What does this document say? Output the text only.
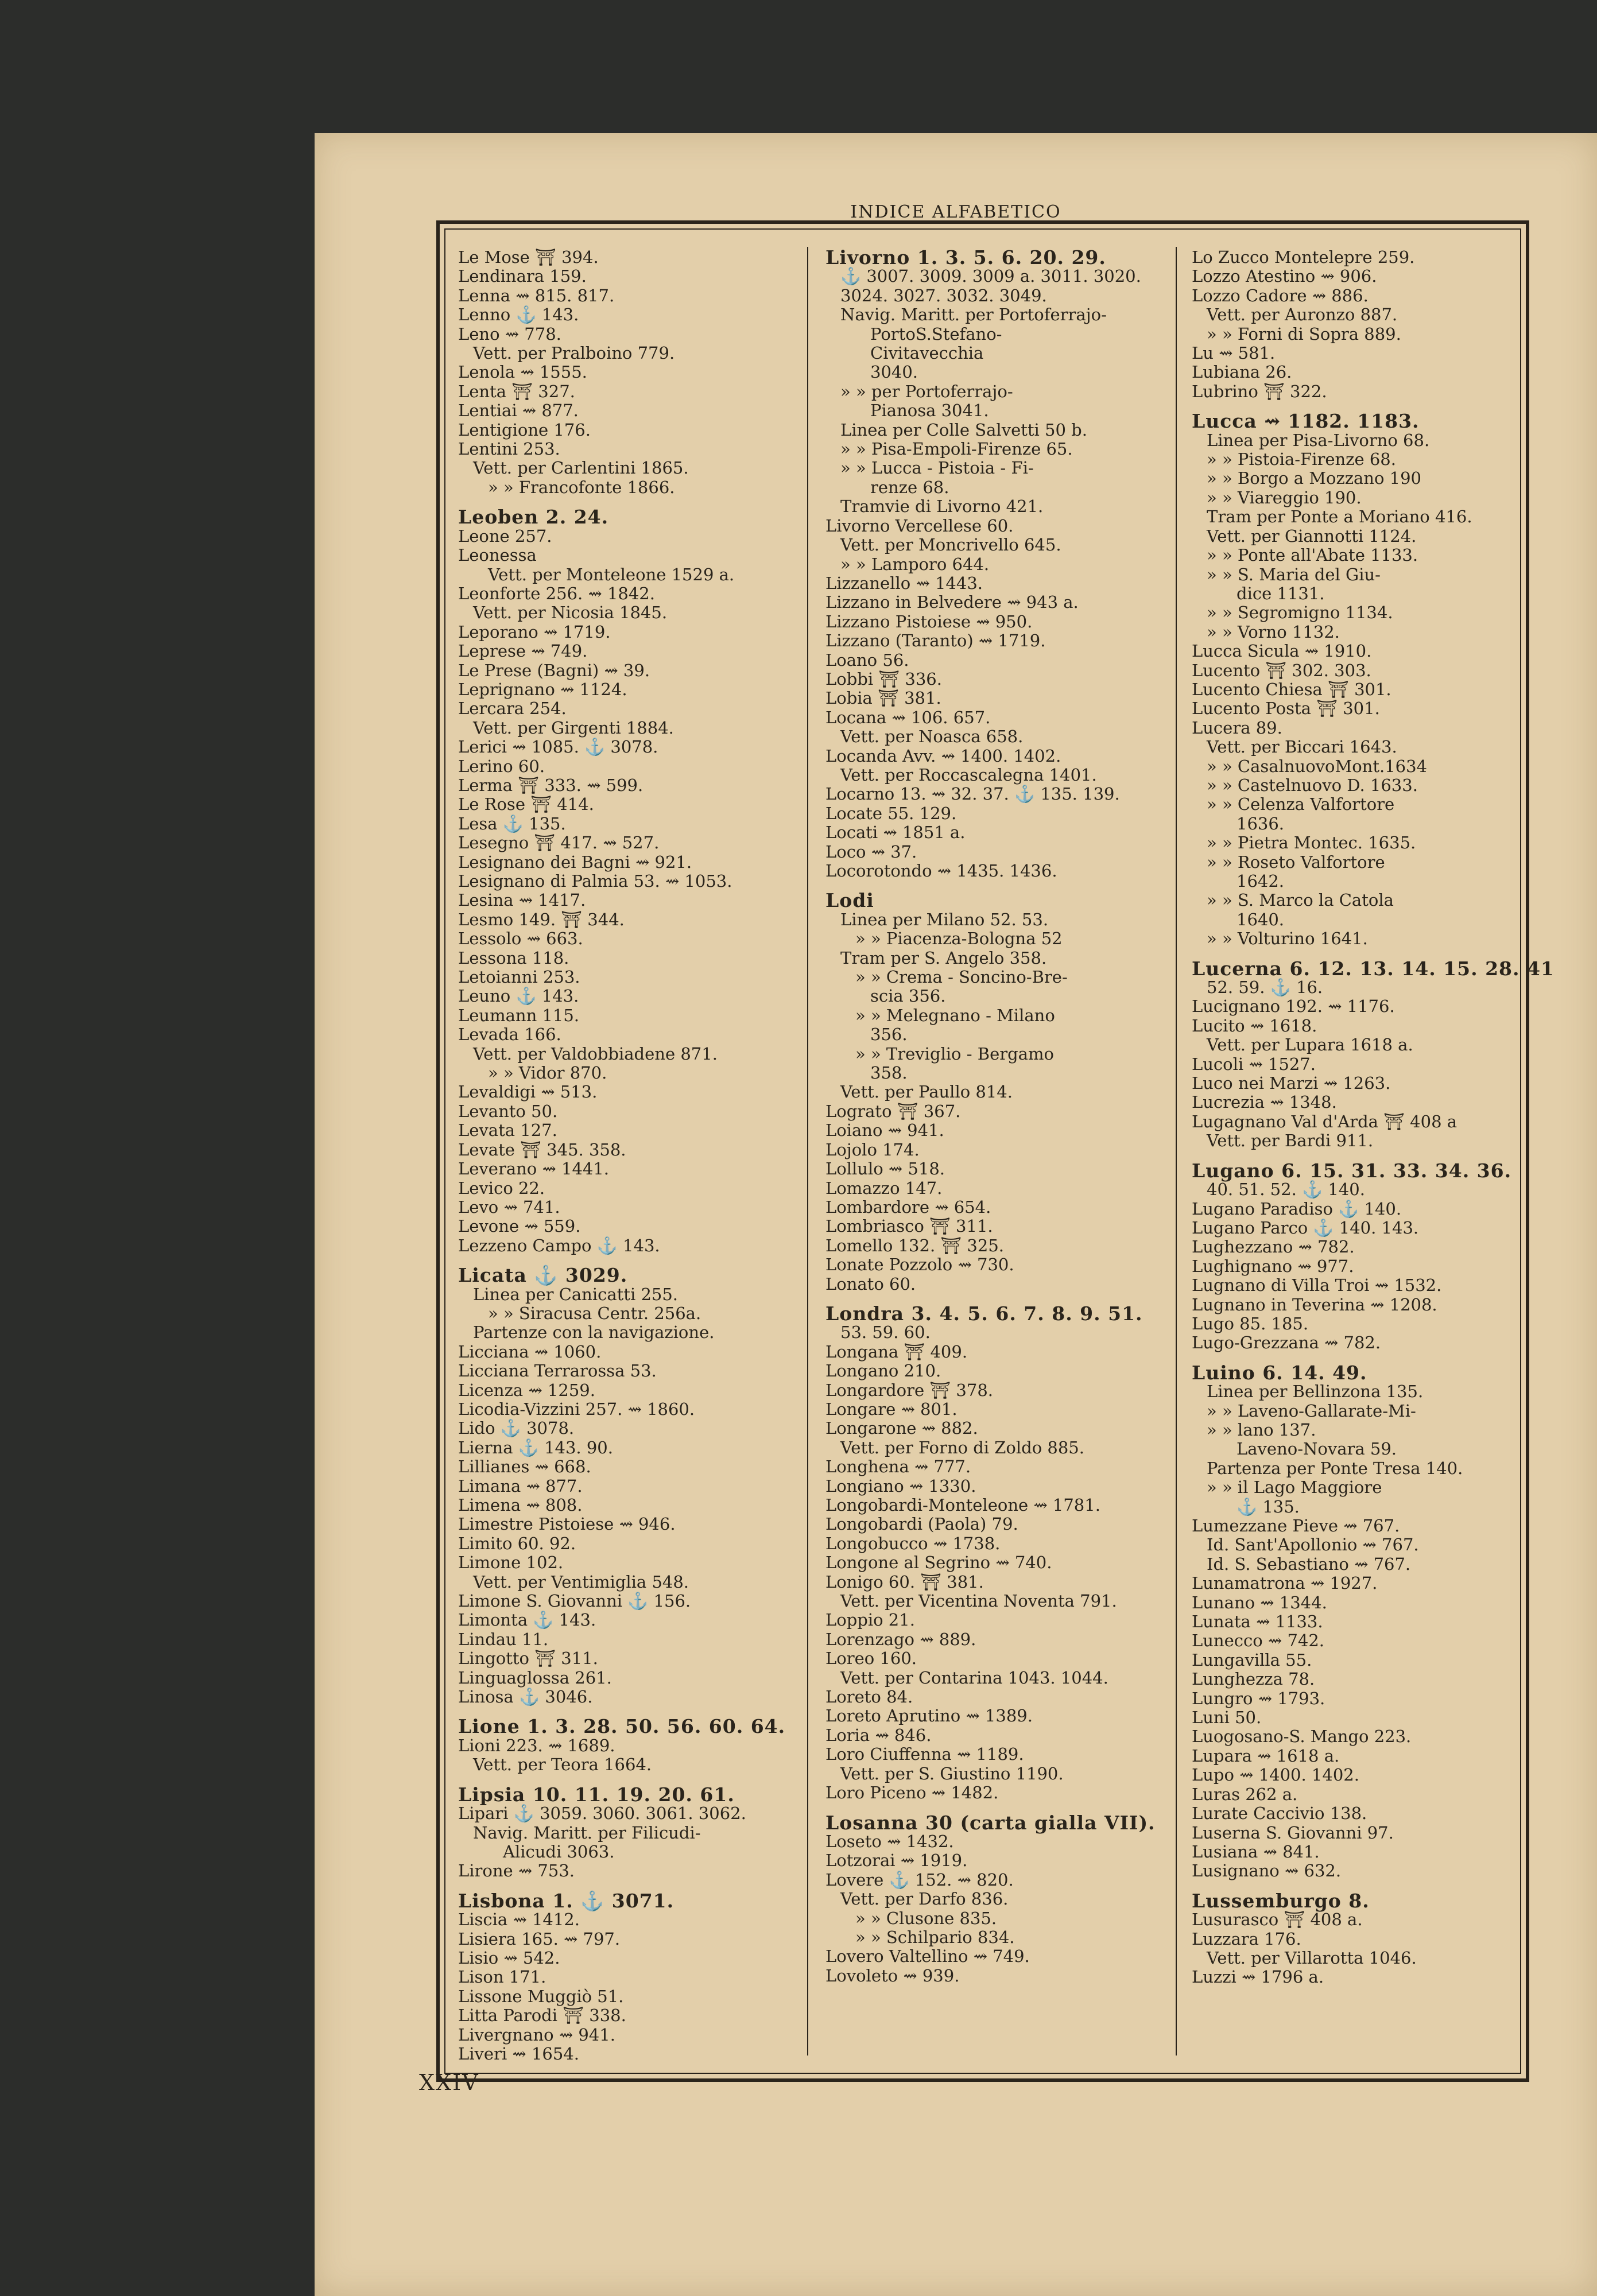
INDICE ALFABETICO
Le Mose ⛩ 394.
Lendinara 159.
Lenna ⇝ 815. 817.
Lenno ⚓ 143.
Leno ⇝ 778.
Vett. per Pralboino 779.
Lenola ⇝ 1555.
Lenta ⛩ 327.
Lentiai ⇝ 877.
Lentigione 176.
Lentini 253.
Vett. per Carlentini 1865.
» » Francofonte 1866.
Leoben 2. 24.
Leone 257.
Leonessa
Vett. per Monteleone 1529 a.
Leonforte 256. ⇝ 1842.
Vett. per Nicosia 1845.
Leporano ⇝ 1719.
Leprese ⇝ 749.
Le Prese (Bagni) ⇝ 39.
Leprignano ⇝ 1124.
Lercara 254.
Vett. per Girgenti 1884.
Lerici ⇝ 1085. ⚓ 3078.
Lerino 60.
Lerma ⛩ 333. ⇝ 599.
Le Rose ⛩ 414.
Lesa ⚓ 135.
Lesegno ⛩ 417. ⇝ 527.
Lesignano dei Bagni ⇝ 921.
Lesignano di Palmia 53. ⇝ 1053.
Lesina ⇝ 1417.
Lesmo 149. ⛩ 344.
Lessolo ⇝ 663.
Lessona 118.
Letoianni 253.
Leuno ⚓ 143.
Leumann 115.
Levada 166.
Vett. per Valdobbiadene 871.
» » Vidor 870.
Levaldigi ⇝ 513.
Levanto 50.
Levata 127.
Levate ⛩ 345. 358.
Leverano ⇝ 1441.
Levico 22.
Levo ⇝ 741.
Levone ⇝ 559.
Lezzeno Campo ⚓ 143.
Licata ⚓ 3029.
Linea per Canicatti 255.
» » Siracusa Centr. 256a.
Partenze con la navigazione.
Licciana ⇝ 1060.
Licciana Terrarossa 53.
Licenza ⇝ 1259.
Licodia-Vizzini 257. ⇝ 1860.
Lido ⚓ 3078.
Lierna ⚓ 143. 90.
Lillianes ⇝ 668.
Limana ⇝ 877.
Limena ⇝ 808.
Limestre Pistoiese ⇝ 946.
Limito 60. 92.
Limone 102.
Vett. per Ventimiglia 548.
Limone S. Giovanni ⚓ 156.
Limonta ⚓ 143.
Lindau 11.
Lingotto ⛩ 311.
Linguaglossa 261.
Linosa ⚓ 3046.
Lione 1. 3. 28. 50. 56. 60. 64.
Lioni 223. ⇝ 1689.
Vett. per Teora 1664.
Lipsia 10. 11. 19. 20. 61.
Lipari ⚓ 3059. 3060. 3061. 3062.
Navig. Maritt. per Filicudi-
Alicudi 3063.
Lirone ⇝ 753.
Lisbona 1. ⚓ 3071.
Liscia ⇝ 1412.
Lisiera 165. ⇝ 797.
Lisio ⇝ 542.
Lison 171.
Lissone Muggiò 51.
Litta Parodi ⛩ 338.
Livergnano ⇝ 941.
Liveri ⇝ 1654.
Livorno 1. 3. 5. 6. 20. 29.
⚓ 3007. 3009. 3009 a. 3011. 3020.
3024. 3027. 3032. 3049.
Navig. Maritt. per Portoferrajo-
PortoS.Stefano-
Civitavecchia
3040.
» » per Portoferrajo-
Pianosa 3041.
Linea per Colle Salvetti 50 b.
» » Pisa-Empoli-Firenze 65.
» » Lucca - Pistoia - Fi-
renze 68.
Tramvie di Livorno 421.
Livorno Vercellese 60.
Vett. per Moncrivello 645.
» » Lamporo 644.
Lizzanello ⇝ 1443.
Lizzano in Belvedere ⇝ 943 a.
Lizzano Pistoiese ⇝ 950.
Lizzano (Taranto) ⇝ 1719.
Loano 56.
Lobbi ⛩ 336.
Lobia ⛩ 381.
Locana ⇝ 106. 657.
Vett. per Noasca 658.
Locanda Avv. ⇝ 1400. 1402.
Vett. per Roccascalegna 1401.
Locarno 13. ⇝ 32. 37. ⚓ 135. 139.
Locate 55. 129.
Locati ⇝ 1851 a.
Loco ⇝ 37.
Locorotondo ⇝ 1435. 1436.
Lodi
Linea per Milano 52. 53.
» » Piacenza-Bologna 52
Tram per S. Angelo 358.
» » Crema - Soncino-Bre-
scia 356.
» » Melegnano - Milano
356.
» » Treviglio - Bergamo
358.
Vett. per Paullo 814.
Lograto ⛩ 367.
Loiano ⇝ 941.
Lojolo 174.
Lollulo ⇝ 518.
Lomazzo 147.
Lombardore ⇝ 654.
Lombriasco ⛩ 311.
Lomello 132. ⛩ 325.
Lonate Pozzolo ⇝ 730.
Lonato 60.
Londra 3. 4. 5. 6. 7. 8. 9. 51.
53. 59. 60.
Longana ⛩ 409.
Longano 210.
Longardore ⛩ 378.
Longare ⇝ 801.
Longarone ⇝ 882.
Vett. per Forno di Zoldo 885.
Longhena ⇝ 777.
Longiano ⇝ 1330.
Longobardi-Monteleone ⇝ 1781.
Longobardi (Paola) 79.
Longobucco ⇝ 1738.
Longone al Segrino ⇝ 740.
Lonigo 60. ⛩ 381.
Vett. per Vicentina Noventa 791.
Loppio 21.
Lorenzago ⇝ 889.
Loreo 160.
Vett. per Contarina 1043. 1044.
Loreto 84.
Loreto Aprutino ⇝ 1389.
Loria ⇝ 846.
Loro Ciuffenna ⇝ 1189.
Vett. per S. Giustino 1190.
Loro Piceno ⇝ 1482.
Losanna 30 (carta gialla VII).
Loseto ⇝ 1432.
Lotzorai ⇝ 1919.
Lovere ⚓ 152. ⇝ 820.
Vett. per Darfo 836.
» » Clusone 835.
» » Schilpario 834.
Lovero Valtellino ⇝ 749.
Lovoleto ⇝ 939.
Lo Zucco Montelepre 259.
Lozzo Atestino ⇝ 906.
Lozzo Cadore ⇝ 886.
Vett. per Auronzo 887.
» » Forni di Sopra 889.
Lu ⇝ 581.
Lubiana 26.
Lubrino ⛩ 322.
Lucca ⇝ 1182. 1183.
Linea per Pisa-Livorno 68.
» » Pistoia-Firenze 68.
» » Borgo a Mozzano 190
» » Viareggio 190.
Tram per Ponte a Moriano 416.
Vett. per Giannotti 1124.
» » Ponte all'Abate 1133.
» » S. Maria del Giu-
dice 1131.
» » Segromigno 1134.
» » Vorno 1132.
Lucca Sicula ⇝ 1910.
Lucento ⛩ 302. 303.
Lucento Chiesa ⛩ 301.
Lucento Posta ⛩ 301.
Lucera 89.
Vett. per Biccari 1643.
» » CasalnuovoMont.1634
» » Castelnuovo D. 1633.
» » Celenza Valfortore
1636.
» » Pietra Montec. 1635.
» » Roseto Valfortore
1642.
» » S. Marco la Catola
1640.
» » Volturino 1641.
Lucerna 6. 12. 13. 14. 15. 28. 41
52. 59. ⚓ 16.
Lucignano 192. ⇝ 1176.
Lucito ⇝ 1618.
Vett. per Lupara 1618 a.
Lucoli ⇝ 1527.
Luco nei Marzi ⇝ 1263.
Lucrezia ⇝ 1348.
Lugagnano Val d'Arda ⛩ 408 a
Vett. per Bardi 911.
Lugano 6. 15. 31. 33. 34. 36.
40. 51. 52. ⚓ 140.
Lugano Paradiso ⚓ 140.
Lugano Parco ⚓ 140. 143.
Lughezzano ⇝ 782.
Lughignano ⇝ 977.
Lugnano di Villa Troi ⇝ 1532.
Lugnano in Teverina ⇝ 1208.
Lugo 85. 185.
Lugo-Grezzana ⇝ 782.
Luino 6. 14. 49.
Linea per Bellinzona 135.
» » Laveno-Gallarate-Mi-
» » lano 137.
Laveno-Novara 59.
Partenza per Ponte Tresa 140.
» » il Lago Maggiore
⚓ 135.
Lumezzane Pieve ⇝ 767.
Id. Sant'Apollonio ⇝ 767.
Id. S. Sebastiano ⇝ 767.
Lunamatrona ⇝ 1927.
Lunano ⇝ 1344.
Lunata ⇝ 1133.
Lunecco ⇝ 742.
Lungavilla 55.
Lunghezza 78.
Lungro ⇝ 1793.
Luni 50.
Luogosano-S. Mango 223.
Lupara ⇝ 1618 a.
Lupo ⇝ 1400. 1402.
Luras 262 a.
Lurate Caccivio 138.
Luserna S. Giovanni 97.
Lusiana ⇝ 841.
Lusignano ⇝ 632.
Lussemburgo 8.
Lusurasco ⛩ 408 a.
Luzzara 176.
Vett. per Villarotta 1046.
Luzzi ⇝ 1796 a.
XXIV
